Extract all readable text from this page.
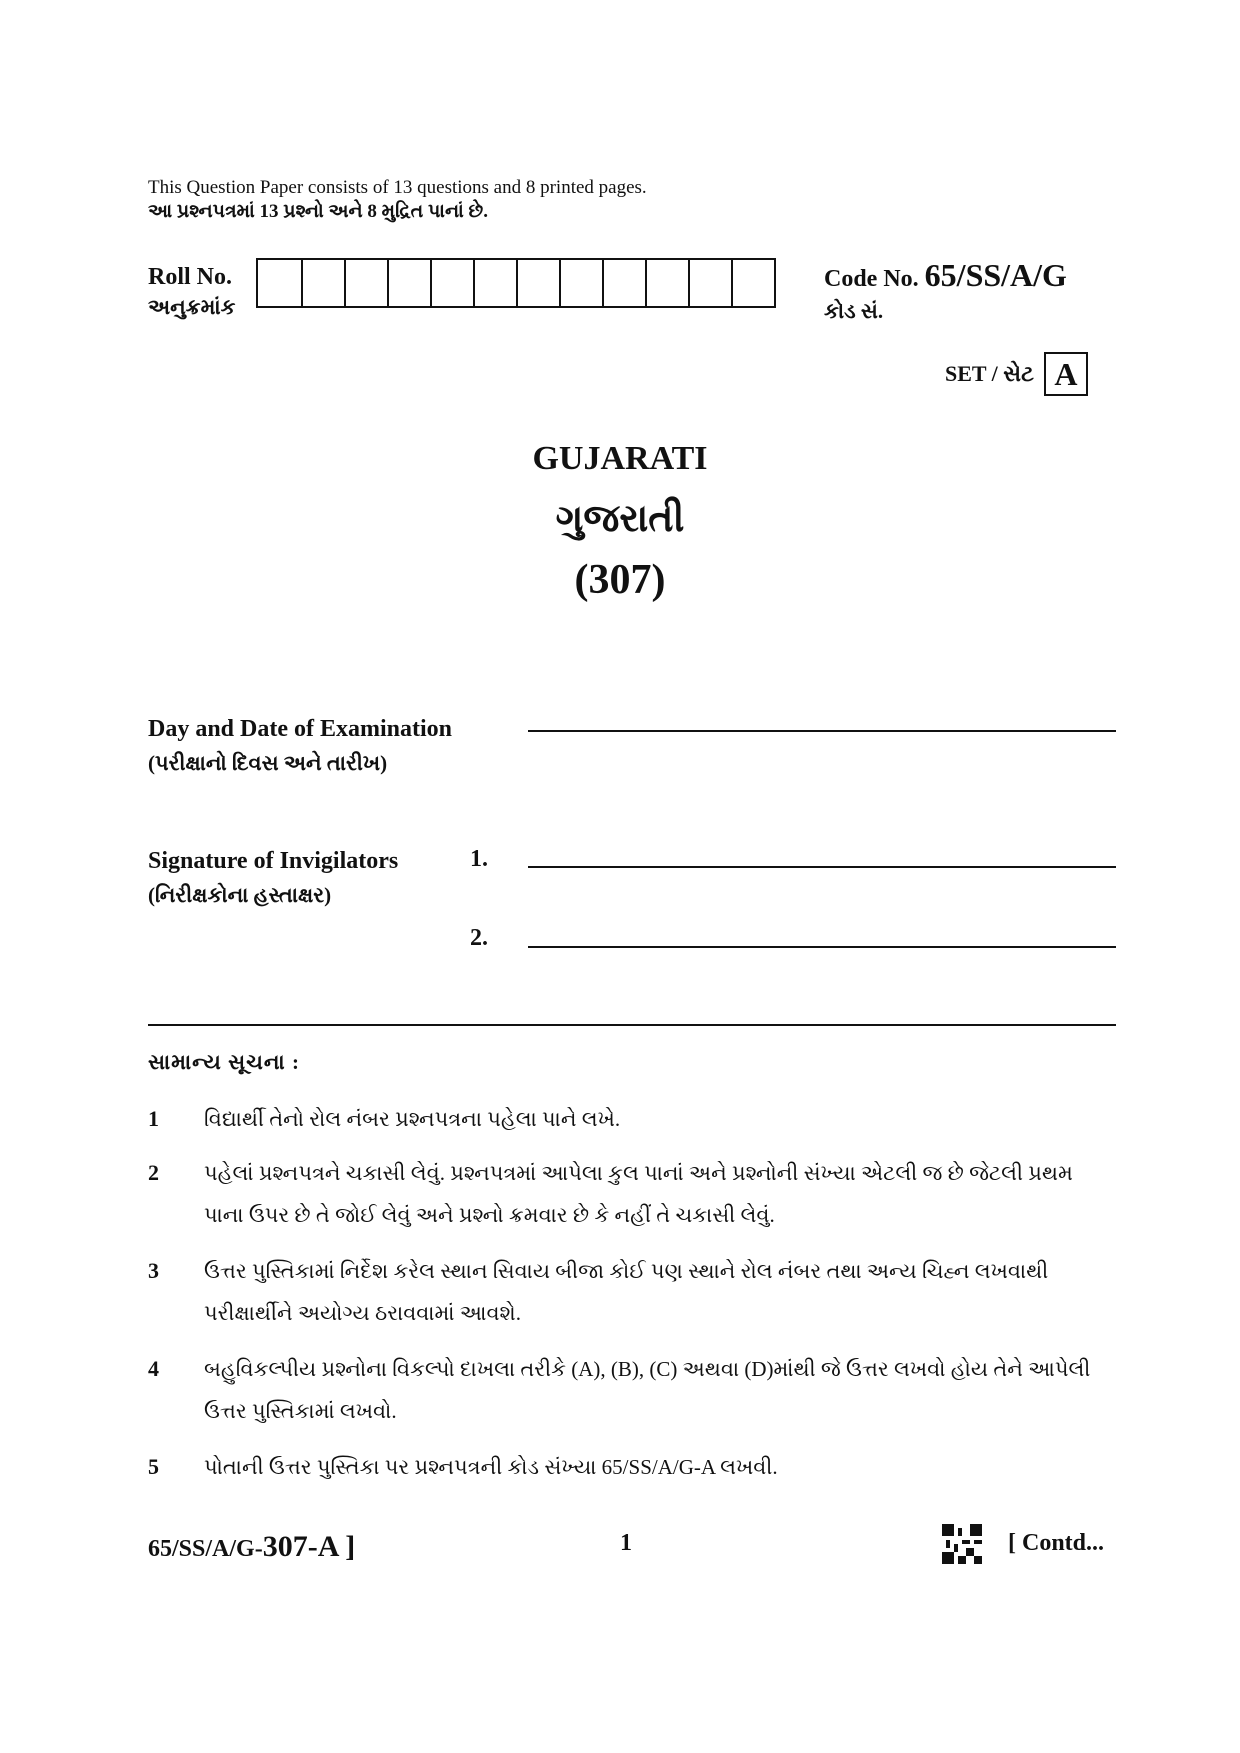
This Question Paper consists of 13 questions and 8 printed pages.
આ પ્રશ્નપત્રમાં 13 પ્રશ્નો અને 8 મુદ્રિત પાનાં છે.
Roll No.
અનુક્રમાંક
Code No. 65/SS/A/G
કોડ સં.
SET / સેટ A
GUJARATI
ગુજરાતી
(307)
Day and Date of Examination
(પરીક્ષાનો દિવસ અને તારીખ)
Signature of Invigilators
(નિરીક્ષકોના હસ્તાક્ષર)
1.
2.
સામાન્ય સૂચના :
1	વિદ્યાર્થી તેનો રોલ નંબર પ્રશ્નપત્રના પહેલા પાને લખે.
2	પહેલાં પ્રશ્નપત્રને ચકાસી લેવું. પ્રશ્નપત્રમાં આપેલા કુલ પાનાં અને પ્રશ્નોની સંખ્યા એટલી જ છે જેટલી પ્રથમ પાના ઉપર છે તે જોઈ લેવું અને પ્રશ્નો ક્રમવાર છે કે નહીં તે ચકાસી લેવું.
3	ઉત્તર પુસ્તિકામાં નિર્દેશ કરેલ સ્થાન સિવાય બીજા કોઈ પણ સ્થાને રોલ નંબર તથા અન્ય ચિહ્ન લખવાથી પરીક્ષાર્થીને અયોગ્ય ઠરાવવામાં આવશે.
4	બહુવિકલ્પીય પ્રશ્નોના વિકલ્પો દાખલા તરીકે (A), (B), (C) અથવા (D)માંથી જે ઉત્તર લખવો હોય તેને આપેલી ઉત્તર પુસ્તિકામાં લખવો.
5	પોતાની ઉત્તર પુસ્તિકા પર પ્રશ્નપત્રની કોડ સંખ્યા 65/SS/A/G-A લખવી.
65/SS/A/G-307-A ]	1	[ Contd...
